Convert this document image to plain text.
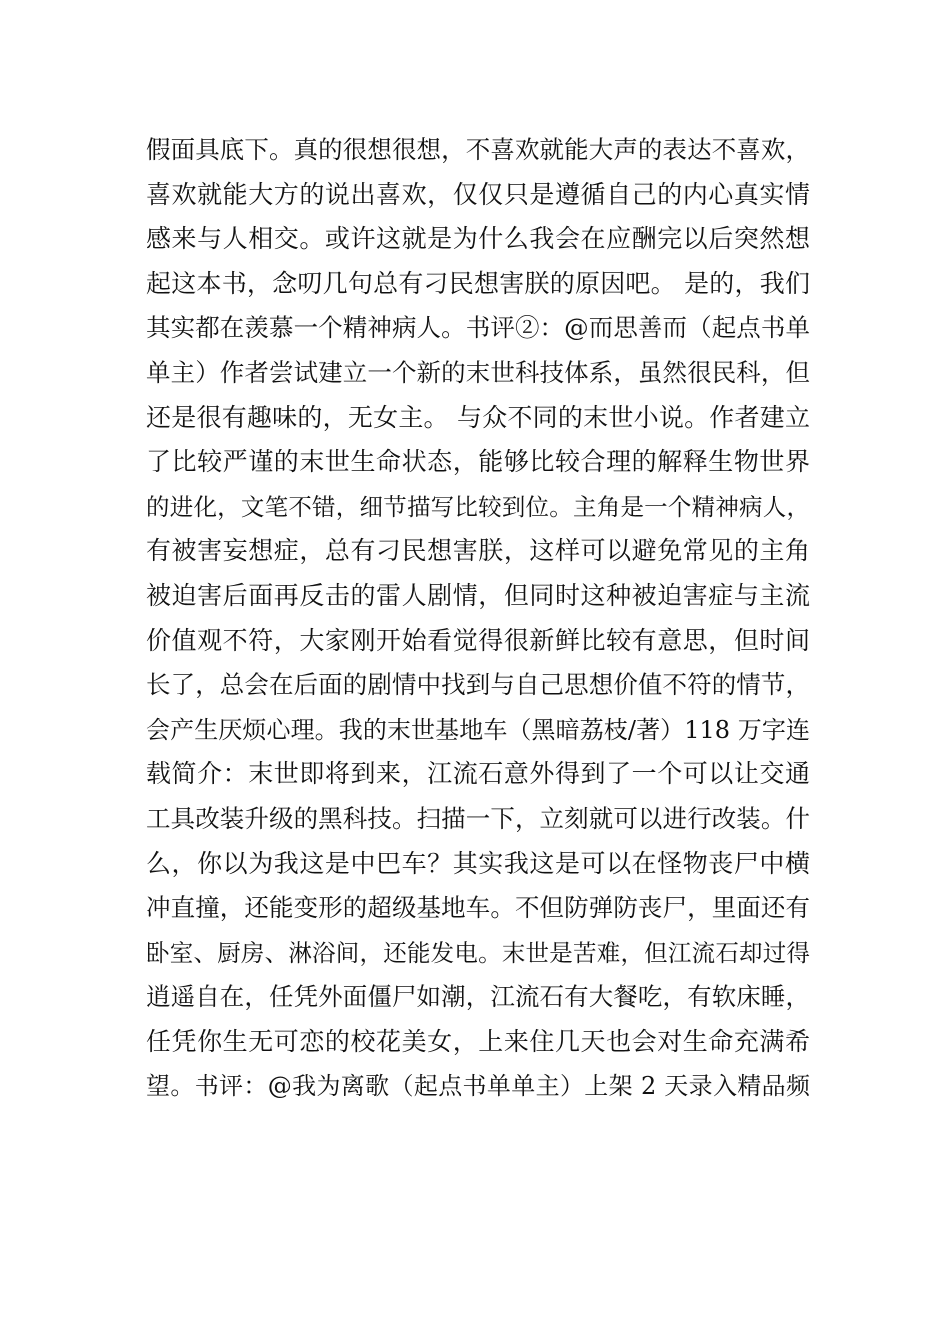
假面具底下。真的很想很想，不喜欢就能大声的表达不喜欢，
喜欢就能大方的说出喜欢，仅仅只是遵循自己的内心真实情
感来与人相交。或许这就是为什么我会在应酬完以后突然想
起这本书，念叨几句总有刁民想害朕的原因吧。 是的，我们
其实都在羡慕一个精神病人。书评②：@而思善而（起点书单
单主）作者尝试建立一个新的末世科技体系，虽然很民科，但
还是很有趣味的，无女主。 与众不同的末世小说。作者建立
了比较严谨的末世生命状态，能够比较合理的解释生物世界
的进化，文笔不错，细节描写比较到位。主角是一个精神病人，
有被害妄想症，总有刁民想害朕，这样可以避免常见的主角
被迫害后面再反击的雷人剧情，但同时这种被迫害症与主流
价值观不符，大家刚开始看觉得很新鲜比较有意思，但时间
长了，总会在后面的剧情中找到与自己思想价值不符的情节，
会产生厌烦心理。我的末世基地车（黑暗荔枝/著）118 万字连
载简介：末世即将到来，江流石意外得到了一个可以让交通
工具改装升级的黑科技。扫描一下，立刻就可以进行改装。什
么，你以为我这是中巴车？其实我这是可以在怪物丧尸中横
冲直撞，还能变形的超级基地车。不但防弹防丧尸，里面还有
卧室、厨房、淋浴间，还能发电。末世是苦难，但江流石却过得
逍遥自在，任凭外面僵尸如潮，江流石有大餐吃，有软床睡，
任凭你生无可恋的校花美女，上来住几天也会对生命充满希
望。书评：@我为离歌（起点书单单主）上架 2 天录入精品频
